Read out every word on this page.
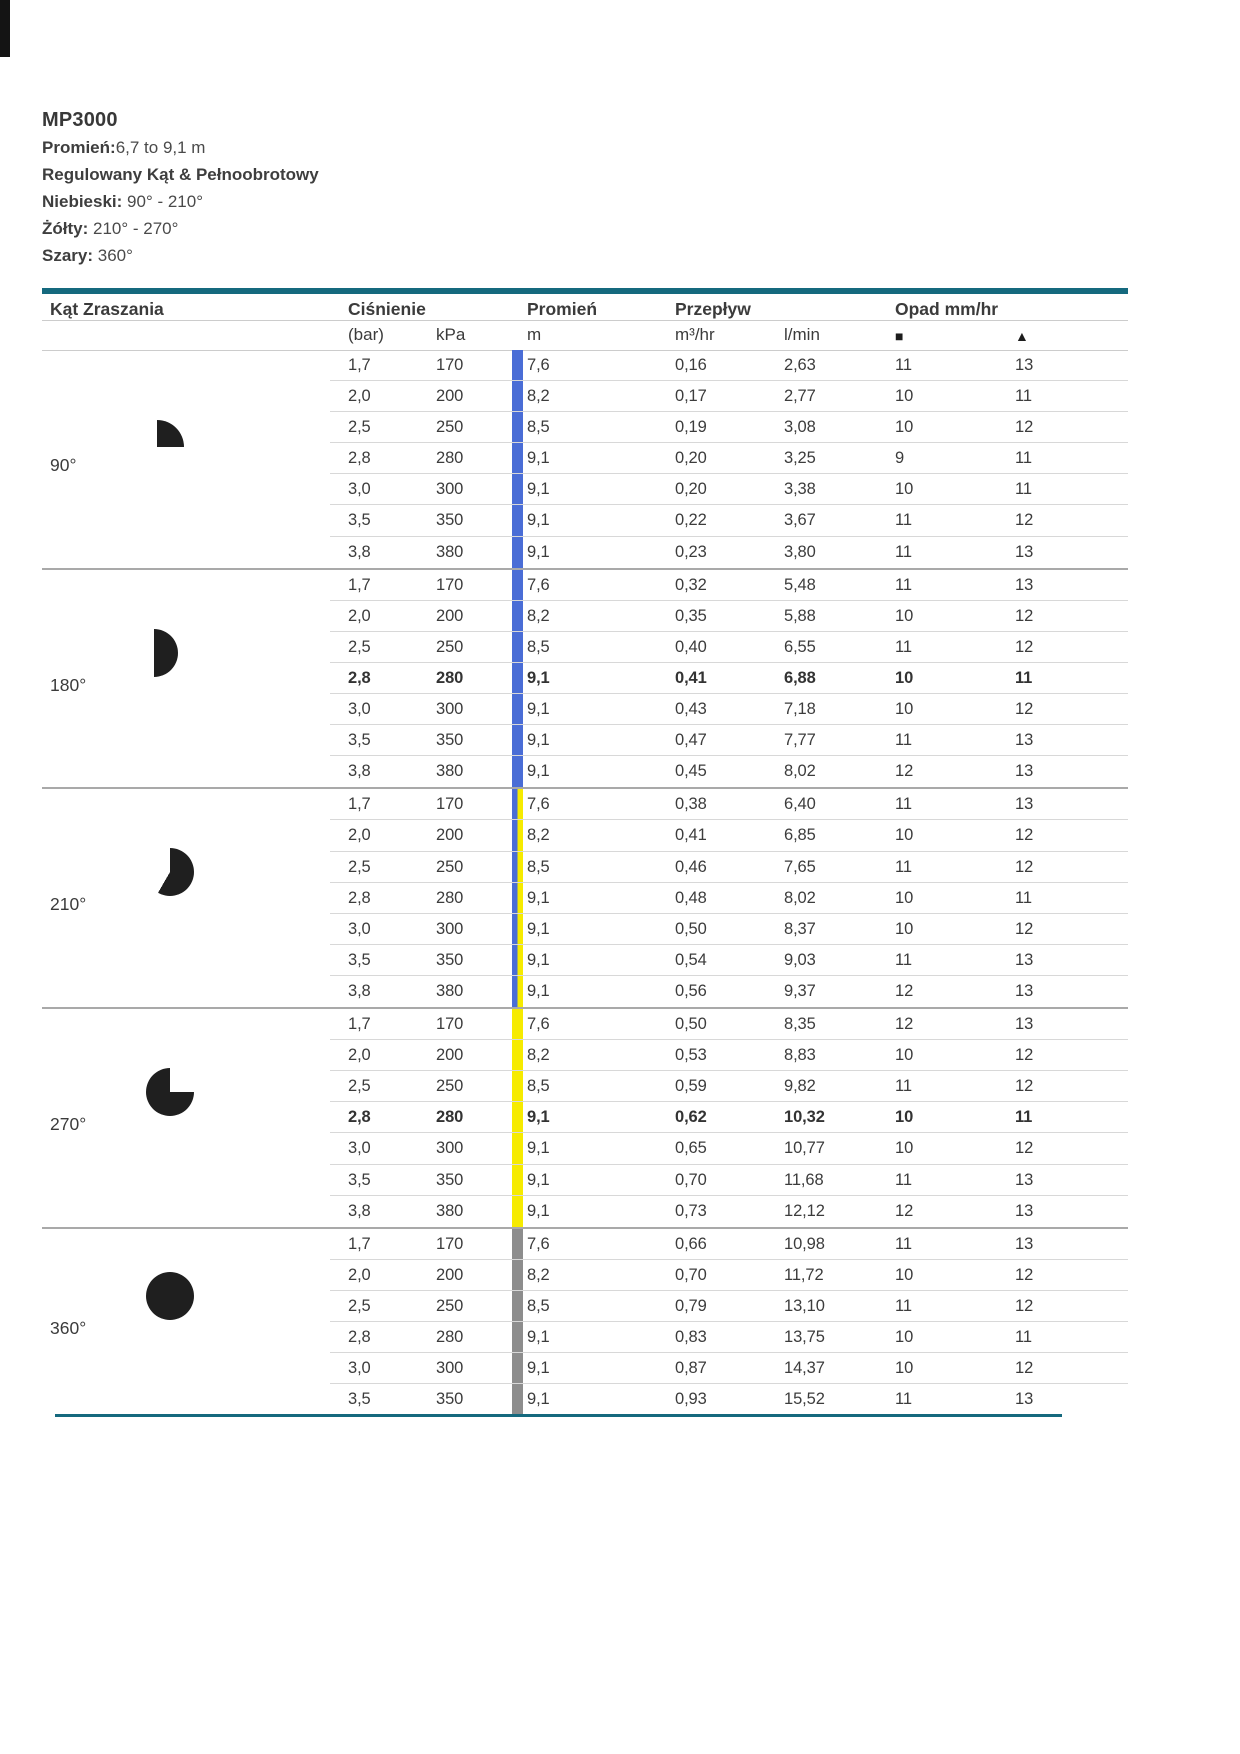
MP3000
Promień:6,7 to 9,1 m
Regulowany Kąt & Pełnoobrotowy
Niebieski: 90° - 210°
Żółty: 210° - 270°
Szary: 360°
Kąt Zraszania	Ciśnienie	Promień	Przepływ	Opad mm/hr
(bar)	kPa	m	m³/hr	l/min	■	▲
90°
1,7	170	7,6	0,16	2,63	11	13
2,0	200	8,2	0,17	2,77	10	11
2,5	250	8,5	0,19	3,08	10	12
2,8	280	9,1	0,20	3,25	9	11
3,0	300	9,1	0,20	3,38	10	11
3,5	350	9,1	0,22	3,67	11	12
3,8	380	9,1	0,23	3,80	11	13
180°
1,7	170	7,6	0,32	5,48	11	13
2,0	200	8,2	0,35	5,88	10	12
2,5	250	8,5	0,40	6,55	11	12
2,8	280	9,1	0,41	6,88	10	11
3,0	300	9,1	0,43	7,18	10	12
3,5	350	9,1	0,47	7,77	11	13
3,8	380	9,1	0,45	8,02	12	13
210°
1,7	170	7,6	0,38	6,40	11	13
2,0	200	8,2	0,41	6,85	10	12
2,5	250	8,5	0,46	7,65	11	12
2,8	280	9,1	0,48	8,02	10	11
3,0	300	9,1	0,50	8,37	10	12
3,5	350	9,1	0,54	9,03	11	13
3,8	380	9,1	0,56	9,37	12	13
270°
1,7	170	7,6	0,50	8,35	12	13
2,0	200	8,2	0,53	8,83	10	12
2,5	250	8,5	0,59	9,82	11	12
2,8	280	9,1	0,62	10,32	10	11
3,0	300	9,1	0,65	10,77	10	12
3,5	350	9,1	0,70	11,68	11	13
3,8	380	9,1	0,73	12,12	12	13
360°
1,7	170	7,6	0,66	10,98	11	13
2,0	200	8,2	0,70	11,72	10	12
2,5	250	8,5	0,79	13,10	11	12
2,8	280	9,1	0,83	13,75	10	11
3,0	300	9,1	0,87	14,37	10	12
3,5	350	9,1	0,93	15,52	11	13
